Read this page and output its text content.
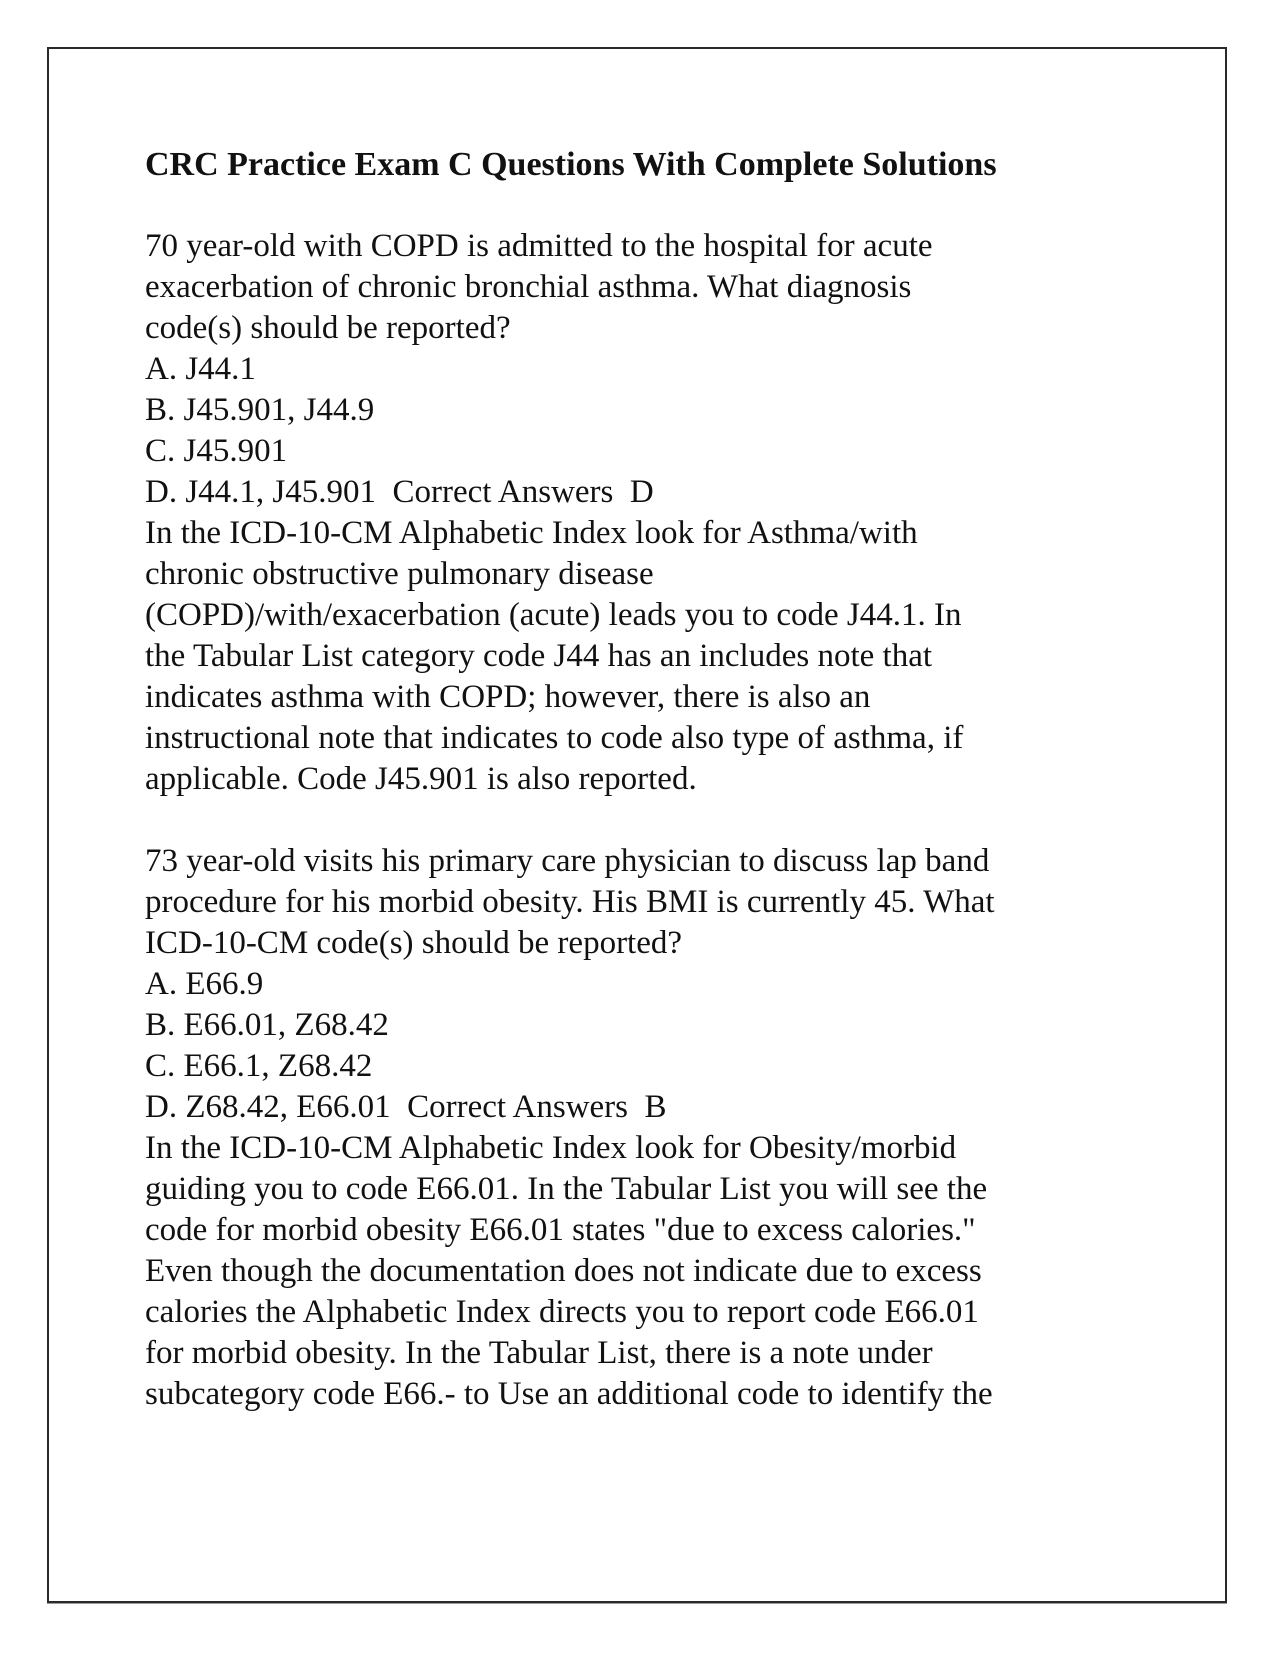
CRC Practice Exam C Questions With Complete Solutions

70 year-old with COPD is admitted to the hospital for acute

exacerbation of chronic bronchial asthma. What diagnosis

code(s) should be reported?

A. J44.1

B. J45.901, J44.9

C. J45.901

D. J44.1, J45.901  Correct Answers  D

In the ICD-10-CM Alphabetic Index look for Asthma/with

chronic obstructive pulmonary disease

(COPD)/with/exacerbation (acute) leads you to code J44.1. In

the Tabular List category code J44 has an includes note that

indicates asthma with COPD; however, there is also an

instructional note that indicates to code also type of asthma, if

applicable. Code J45.901 is also reported.

73 year-old visits his primary care physician to discuss lap band

procedure for his morbid obesity. His BMI is currently 45. What

ICD-10-CM code(s) should be reported?

A. E66.9

B. E66.01, Z68.42

C. E66.1, Z68.42

D. Z68.42, E66.01  Correct Answers  B

In the ICD-10-CM Alphabetic Index look for Obesity/morbid

guiding you to code E66.01. In the Tabular List you will see the

code for morbid obesity E66.01 states "due to excess calories."

Even though the documentation does not indicate due to excess

calories the Alphabetic Index directs you to report code E66.01

for morbid obesity. In the Tabular List, there is a note under

subcategory code E66.- to Use an additional code to identify the
